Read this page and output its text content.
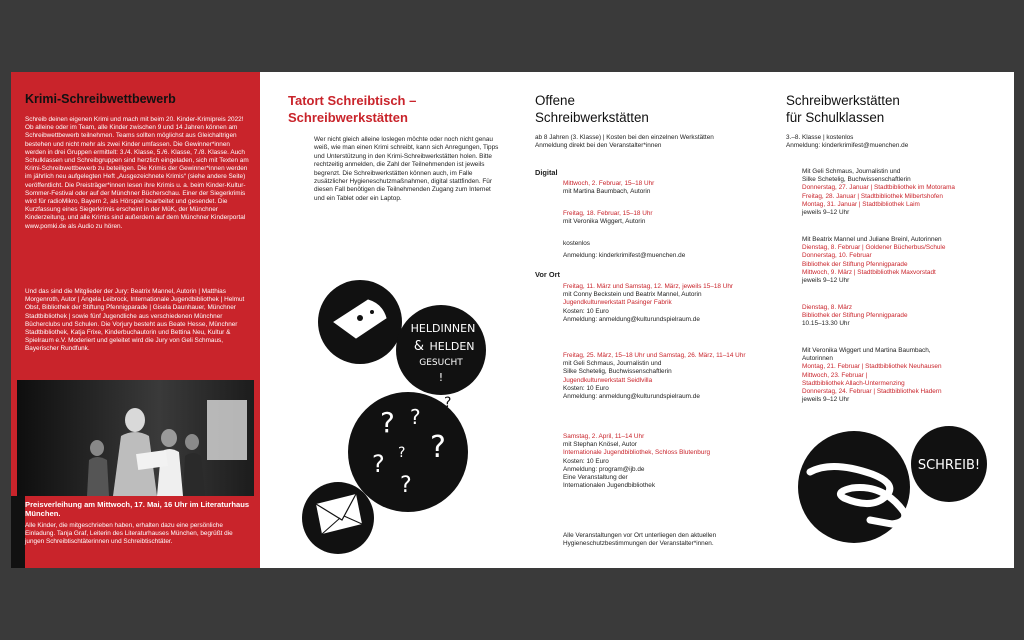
Krimi-Schreibwettbewerb

Schreib deinen eigenen Krimi und mach mit beim 20. Kinder-Krimipreis 2022! Ob alleine oder im Team, alle Kinder zwischen 9 und 14 Jahren können am Schreibwettbewerb teilnehmen. Teams sollten möglichst aus Gleichaltrigen bestehen und nicht mehr als zwei Kinder umfassen. Die Gewinner*innen werden in drei Gruppen ermittelt: 3./4. Klasse, 5./6. Klasse, 7./8. Klasse. Auch Schulklassen und Schreibgruppen sind herzlich eingeladen, sich mit Texten am Krimi-Schreibwettbewerb zu beteiligen. Die Krimis der Gewinner*innen werden im jährlich neu aufgelegten Heft „Ausgezeichnete Krimis“ (siehe andere Seite) veröffentlicht. Die Preisträger*innen lesen ihre Krimis u. a. beim Kinder-Kultur-Sommer-Festival oder auf der Münchner Bücherschau. Einer der Siegerkrimis wird für radioMikro, Bayern 2, als Hörspiel bearbeitet und gesendet. Die Kurzfassung eines Siegerkrimis erscheint in der MüK, der Münchner Kinderzeitung, und alle Krimis sind außerdem auf dem Münchner Kinderportal www.pomki.de als Audio zu hören.

Und das sind die Mitglieder der Jury: Beatrix Mannel, Autorin | Matthias Morgenroth, Autor | Angela Leibrock, Internationale Jugendbibliothek | Helmut Obst, Bibliothek der Stiftung Pfennigparade | Gisela Daunhauer, Münchner Stadtbibliothek | sowie fünf Jugendliche aus verschiedenen Münchner Bücherclubs und Schulen. Die Vorjury besteht aus Beate Hesse, Münchner Stadtbibliothek, Katja Frixe, Kinderbuchautorin und Bettina Neu, Kultur & Spielraum e.V. Moderiert und geleitet wird die Jury von Geli Schmaus, Bayerischer Rundfunk.

Preisverleihung am Mittwoch, 17. Mai, 16 Uhr im Literaturhaus München.

Alle Kinder, die mitgeschrieben haben, erhalten dazu eine persönliche Einladung. Tanja Graf, Leiterin des Literaturhauses München, begrüßt die jungen Schreibtischtäterinnen und Schreibtischtäter.

Tatort Schreibtisch –
Schreibwerkstätten

Wer nicht gleich alleine loslegen möchte oder noch nicht genau weiß, wie man einen Krimi schreibt, kann sich Anregungen, Tipps und Unterstützung in den Krimi-Schreibwerkstätten holen. Bitte rechtzeitig anmelden, die Zahl der Teilnehmenden ist jeweils begrenzt. Die Schreibwerkstätten können auch, im Falle zusätzlicher Hygieneschutzmaßnahmen, digital stattfinden. Für diesen Fall benötigen die Teilnehmenden Zugang zum Internet und ein Tablet oder ein Laptop.

HELDINNEN
& HELDEN
GESUCHT
!
? ?
?
?
?
?
?
Offene
Schreibwerkstätten

ab 8 Jahren (3. Klasse) | Kosten bei den einzelnen Werkstätten
Anmeldung direkt bei den Veranstalter*innen

Digital
Mittwoch, 2. Februar, 15–18 Uhr
mit Martina Baumbach, Autorin
Freitag, 18. Februar, 15–18 Uhr
mit Veronika Wiggert, Autorin
kostenlos
Anmeldung: kinderkrimifest@muenchen.de
Vor Ort
Freitag, 11. März und Samstag, 12. März, jeweils 15–18 Uhr
mit Conny Beckstein und Beatrix Mannel, Autorin
Jugendkulturwerkstatt Pasinger Fabrik
Kosten: 10 Euro
Anmeldung: anmeldung@kulturundspielraum.de
Freitag, 25. März, 15–18 Uhr und Samstag, 26. März, 11–14 Uhr
mit Geli Schmaus, Journalistin und
Silke Schetelig, Buchwissenschaftlerin
Jugendkulturwerkstatt Seidlvilla
Kosten: 10 Euro
Anmeldung: anmeldung@kulturundspielraum.de
Samstag, 2. April, 11–14 Uhr
mit Stephan Knösel, Autor
Internationale Jugendbibliothek, Schloss Blutenburg
Kosten: 10 Euro
Anmeldung: program@ijb.de
Eine Veranstaltung der
Internationalen Jugendbibliothek
Alle Veranstaltungen vor Ort unterliegen den aktuellen Hygieneschutzbestimmungen der Veranstalter*innen.
Schreibwerkstätten
für Schulklassen

3.–8. Klasse | kostenlos
Anmeldung: kinderkrimifest@muenchen.de

Mit Geli Schmaus, Journalistin und
Silke Schetelig, Buchwissenschaftlerin
Donnerstag, 27. Januar | Stadtbibliothek im Motorama
Freitag, 28. Januar | Stadtbibliothek Milbertshofen
Montag, 31. Januar | Stadtbibliothek Laim
jeweils 9–12 Uhr
Mit Beatrix Mannel und Juliane Breinl, Autorinnen
Dienstag, 8. Februar | Goldener Bücherbus/Schule
Donnerstag, 10. Februar
Bibliothek der Stiftung Pfennigparade
Mittwoch, 9. März | Stadtbibliothek Maxvorstadt
jeweils 9–12 Uhr
Dienstag, 8. März
Bibliothek der Stiftung Pfennigparade
10.15–13.30 Uhr
Mit Veronika Wiggert und Martina Baumbach,
Autorinnen
Montag, 21. Februar | Stadtbibliothek Neuhausen
Mittwoch, 23. Februar |
Stadtbibliothek Allach-Untermenzing
Donnerstag, 24. Februar | Stadtbibliothek Hadern
jeweils 9–12 Uhr
SCHREIB!
